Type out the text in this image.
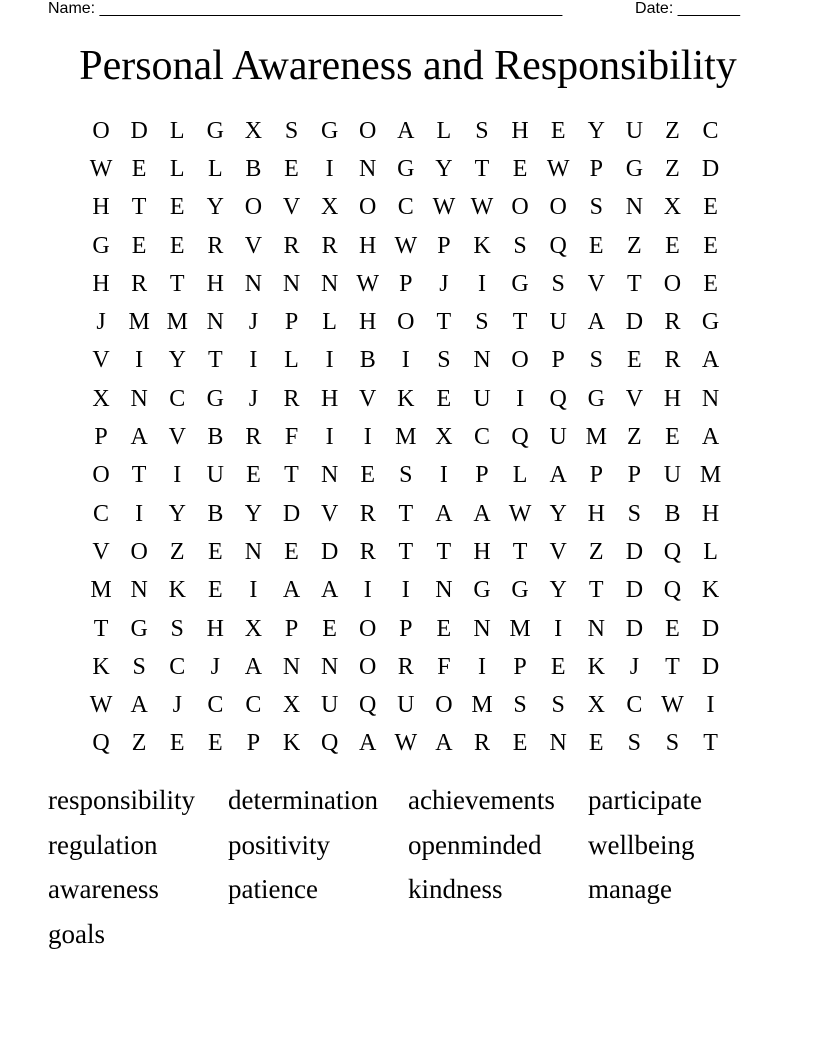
Name: ____________________________________________________	Date: _______
Personal Awareness and Responsibility
O D L G X S G O A L	S H E Y U Z C
W E L L B E	I	N G Y T E W P G Z D
H T E Y O V X O C W W O O S N X E
G E E R V R R H W P K S Q E Z E E
H R T H N N N W P	J	I	G S V T O E
J M M N	J	P	L H O T	S	T U A D R G
V	I	Y T	I	L	I	B	I	S N O P	S	E R A
X N C G	J	R H V K E U	I	Q G V H N
P A V B R F	I	I M X C Q U M Z E A
O T	I	U E T N E	S	I	P	L A P	P U M
C	I	Y B Y D V R T A A W Y H S B H
V O Z E N E D R T T H T V Z D Q L
M N K E	I	A A	I	I	N G G Y T D Q K
T G S H X P	E O P	E N M I	N D E D
K S C	J	A N N O R F	I	P	E K	J	T D
W A	J	C C X U Q U O M S	S X C W I
Q Z E E	P K Q A W A R E N E	S	S	T
responsibility	determination	achievements	participate
regulation	positivity	openminded	wellbeing
awareness	patience	kindness	manage
goals
